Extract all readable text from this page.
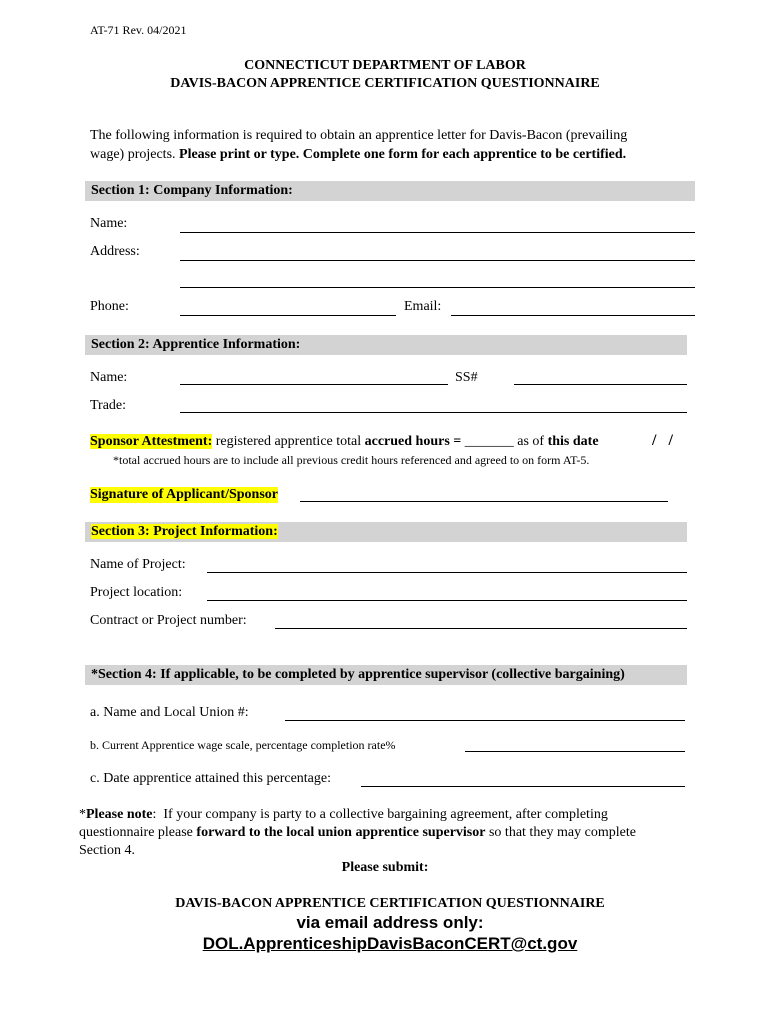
AT-71 Rev. 04/2021
CONNECTICUT DEPARTMENT OF LABOR
DAVIS-BACON APPRENTICE CERTIFICATION QUESTIONNAIRE
The following information is required to obtain an apprentice letter for Davis-Bacon (prevailing
wage) projects. Please print or type. Complete one form for each apprentice to be certified.
Section 1: Company Information:
Name:
Address:
Phone:	Email:
Section 2: Apprentice Information:
Name:	SS#
Trade:
Sponsor Attestment: registered apprentice total accrued hours = _______ as of this date	/   /
*total accrued hours are to include all previous credit hours referenced and agreed to on form AT-5.
Signature of Applicant/Sponsor
Section 3: Project Information:
Name of Project:
Project location:
Contract or Project number:
*Section 4: If applicable, to be completed by apprentice supervisor (collective bargaining)
a. Name and Local Union #:
b. Current Apprentice wage scale, percentage completion rate%
c. Date apprentice attained this percentage:
*Please note:  If your company is party to a collective bargaining agreement, after completing
questionnaire please forward to the local union apprentice supervisor so that they may complete
Section 4.
Please submit:
DAVIS-BACON APPRENTICE CERTIFICATION QUESTIONNAIRE
via email address only:
DOL.ApprenticeshipDavisBaconCERT@ct.gov
